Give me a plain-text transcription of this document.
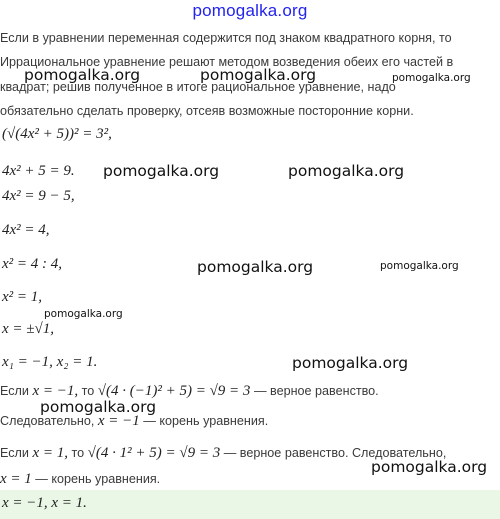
pomogalka.org
Если в уравнении переменная содержится под знаком квадратного корня, то
Иррациональное уравнение решают методом возведения обеих его частей в
квадрат; решив полученное в итоге рациональное уравнение, надо
обязательно сделать проверку, отсеяв возможные посторонние корни.
(√(4x² + 5))² = 3²,
4x² + 5 = 9.
4x² = 9 − 5,
4x² = 4,
x² = 4 : 4,
x² = 1,
x = ±√1,
x₁ = −1, x₂ = 1.
Если x = −1, то √(4 · (−1)² + 5) = √9 = 3 — верное равенство.
Следовательно, x = −1 — корень уравнения.
Если x = 1, то √(4 · 1² + 5) = √9 = 3 — верное равенство. Следовательно,
x = 1 — корень уравнения.
x = −1, x = 1.
pomogalka.org	pomogalka.org	pomogalka.org
pomogalka.org	pomogalka.org
pomogalka.org	pomogalka.org
pomogalka.org
pomogalka.org
pomogalka.org
pomogalka.org
